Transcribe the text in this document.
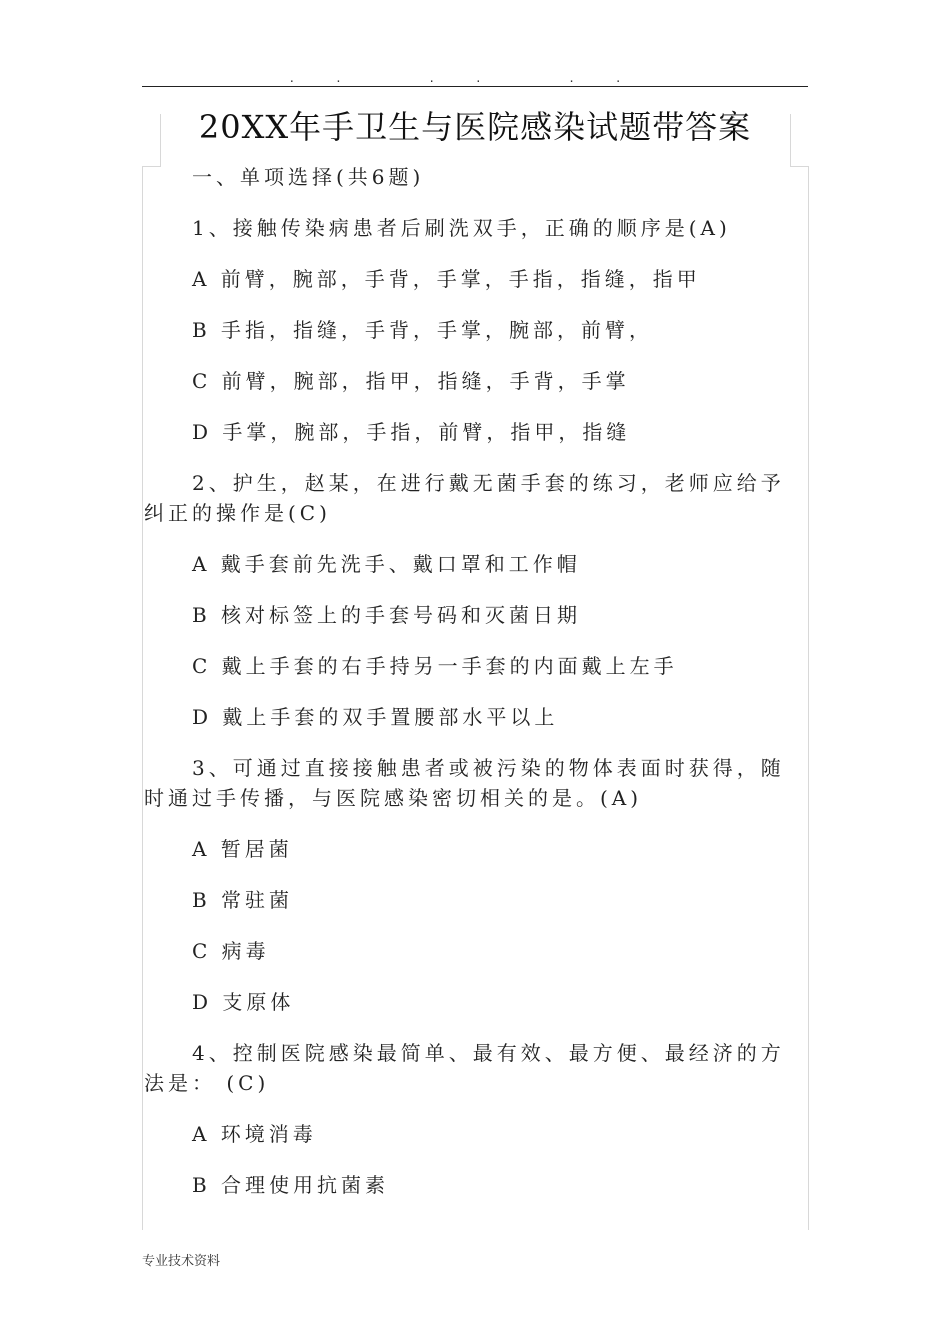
.. .. ..
20XX年手卫生与医院感染试题带答案

一、单项选择(共6题)

1、接触传染病患者后刷洗双手，正确的顺序是(A)

A 前臂，腕部，手背，手掌，手指，指缝，指甲

B 手指，指缝，手背，手掌，腕部，前臂，

C 前臂，腕部，指甲，指缝，手背，手掌

D 手掌，腕部，手指，前臂，指甲，指缝

2、护生，赵某，在进行戴无菌手套的练习，老师应给予

纠正的操作是(C)

A 戴手套前先洗手、戴口罩和工作帽

B 核对标签上的手套号码和灭菌日期

C 戴上手套的右手持另一手套的内面戴上左手

D 戴上手套的双手置腰部水平以上

3、可通过直接接触患者或被污染的物体表面时获得，随

时通过手传播，与医院感染密切相关的是。(A)

A 暂居菌

B 常驻菌

C 病毒

D 支原体

4、控制医院感染最简单、最有效、最方便、最经济的方

法是： (C)

A 环境消毒

B 合理使用抗菌素

专业技术资料
